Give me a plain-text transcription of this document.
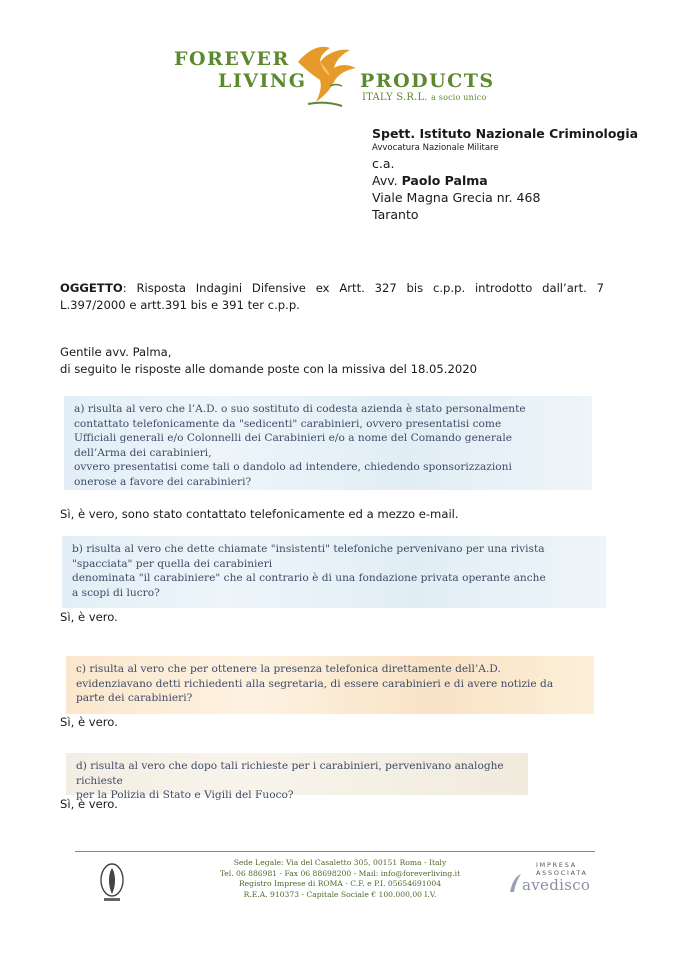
FOREVER
LIVING	PRODUCTS
ITALY S.R.L. a socio unico
Spett. Istituto Nazionale Criminologia
Avvocatura Nazionale Militare
c.a.
Avv. Paolo Palma
Viale Magna Grecia nr. 468
Taranto
OGGETTO: Risposta Indagini Difensive ex Artt. 327 bis c.p.p. introdotto dall’art. 7 L.397/2000 e artt.391 bis e 391 ter c.p.p.
Gentile avv. Palma,
di seguito le risposte alle domande poste con la missiva del 18.05.2020
a) risulta al vero che l’A.D. o suo sostituto di codesta azienda è stato personalmente
contattato telefonicamente da "sedicenti" carabinieri, ovvero presentatisi come
Ufficiali generali e/o Colonnelli dei Carabinieri e/o a nome del Comando generale
dell’Arma dei carabinieri,
ovvero presentatisi come tali o dandolo ad intendere, chiedendo sponsorizzazioni
onerose a favore dei carabinieri?
Sì, è vero, sono stato contattato telefonicamente ed a mezzo e-mail.
b) risulta al vero che dette chiamate "insistenti" telefoniche pervenivano per una rivista
"spacciata" per quella dei carabinieri
denominata "il carabiniere" che al contrario è di una fondazione privata operante anche
a scopi di lucro?
Sì, è vero.
c) risulta al vero che per ottenere la presenza telefonica direttamente dell’A.D.
evidenziavano detti richiedenti alla segretaria, di essere carabinieri e di avere notizie da
parte dei carabinieri?
Sì, è vero.
d) risulta al vero che dopo tali richieste per i carabinieri, pervenivano analoghe richieste
per la Polizia di Stato e Vigili del Fuoco?
Sì, è vero.
Sede Legale: Via del Casaletto 305, 00151 Roma - Italy
Tel. 06 886981 - Fax 06 88698200 - Mail: info@foreverliving.it
Registro Imprese di ROMA - C.F. e P.I. 05654691004
R.E.A. 910373 - Capitale Sociale € 100.000,00 I.V.
IMPRESA
ASSOCIATA
avedisco
